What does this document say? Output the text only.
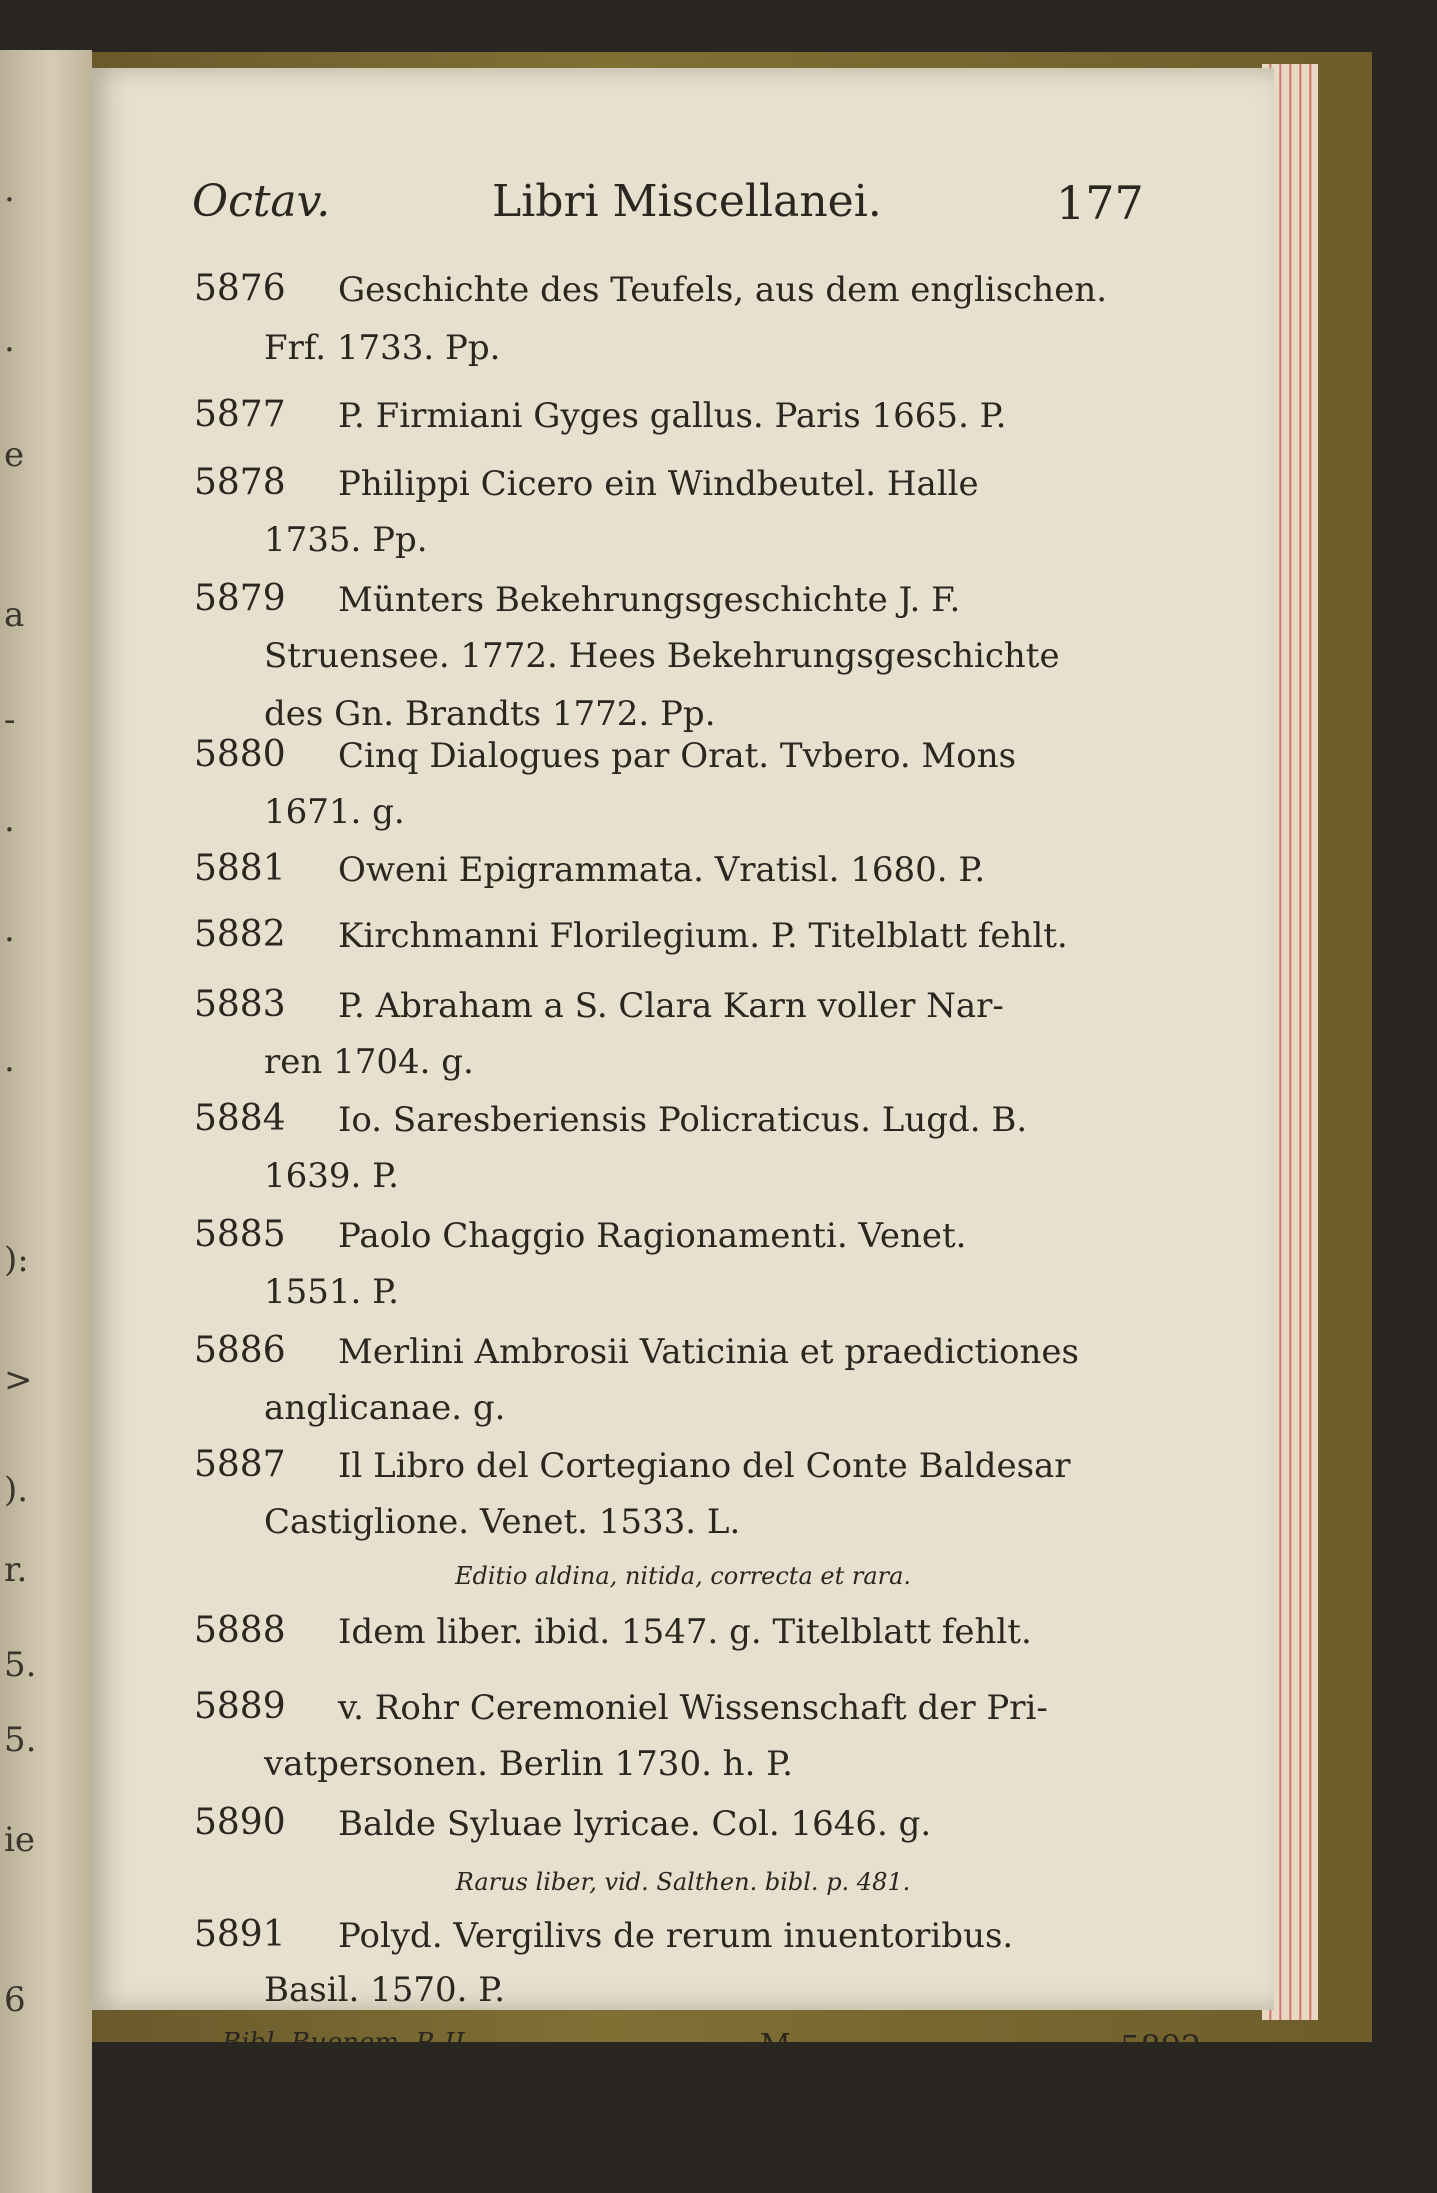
.
.
e
a
-
.
.
.
):
>
).
r.
5.
5.
ie
6
Octav.	Libri Miscellanei.	177
5876 Geschichte des Teufels, aus dem englischen.
Frf. 1733. Pp.
5877 P. Firmiani Gyges gallus. Paris 1665. P.
5878 Philippi Cicero ein Windbeutel. Halle
1735. Pp.
5879 Münters Bekehrungsgeschichte J. F.
Struensee. 1772. Hees Bekehrungsgeschichte
des Gn. Brandts 1772. Pp.
5880 Cinq Dialogues par Orat. Tvbero. Mons
1671. g.
5881 Oweni Epigrammata. Vratisl. 1680. P.
5882 Kirchmanni Florilegium. P. Titelblatt fehlt.
5883 P. Abraham a S. Clara Karn voller Nar-
ren 1704. g.
5884 Io. Saresberiensis Policraticus. Lugd. B.
1639. P.
5885 Paolo Chaggio Ragionamenti. Venet.
1551. P.
5886 Merlini Ambrosii Vaticinia et praedictiones
anglicanae. g.
5887 Il Libro del Cortegiano del Conte Baldesar
Castiglione. Venet. 1533. L.
Editio aldina, nitida, correcta et rara.
5888 Idem liber. ibid. 1547. g. Titelblatt fehlt.
5889 v. Rohr Ceremoniel Wissenschaft der Pri-
vatpersonen. Berlin 1730. h. P.
5890 Balde Syluae lyricae. Col. 1646. g.
Rarus liber, vid. Salthen. bibl. p. 481.
5891 Polyd. Vergilivs de rerum inuentoribus.
Basil. 1570. P.
Bibl. Buenem. P. II.	M	5892
